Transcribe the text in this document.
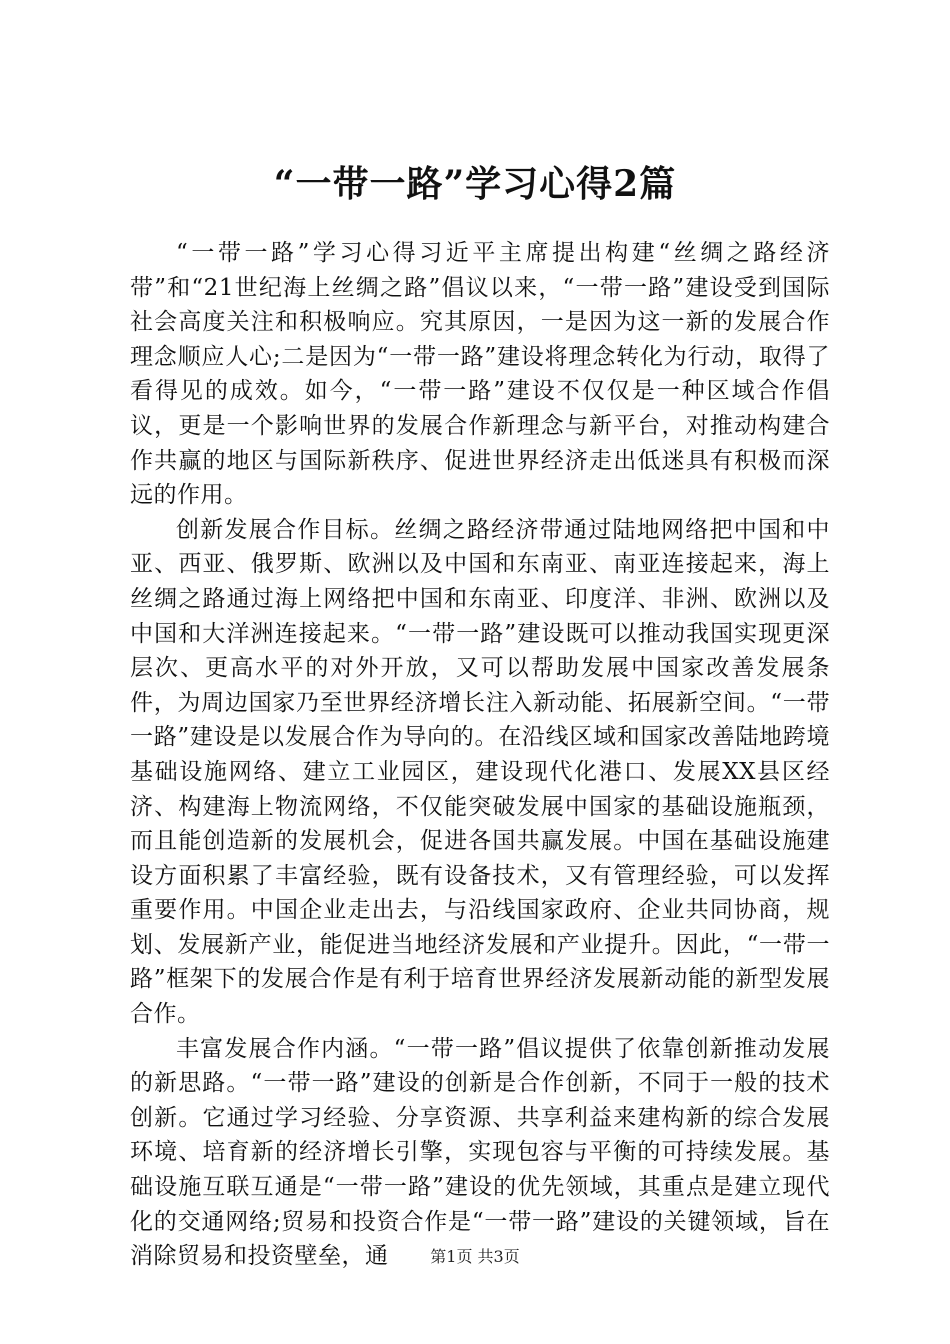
“一带一路”学习心得2篇

“一带一路”学习心得习近平主席提出构建“丝绸之路经济带”和“21世纪海上丝绸之路”倡议以来，“一带一路”建设受到国际社会高度关注和积极响应。究其原因，一是因为这一新的发展合作理念顺应人心;二是因为“一带一路”建设将理念转化为行动，取得了看得见的成效。如今，“一带一路”建设不仅仅是一种区域合作倡议，更是一个影响世界的发展合作新理念与新平台，对推动构建合作共赢的地区与国际新秩序、促进世界经济走出低迷具有积极而深远的作用。

创新发展合作目标。丝绸之路经济带通过陆地网络把中国和中亚、西亚、俄罗斯、欧洲以及中国和东南亚、南亚连接起来，海上丝绸之路通过海上网络把中国和东南亚、印度洋、非洲、欧洲以及中国和大洋洲连接起来。“一带一路”建设既可以推动我国实现更深层次、更高水平的对外开放，又可以帮助发展中国家改善发展条件，为周边国家乃至世界经济增长注入新动能、拓展新空间。“一带一路”建设是以发展合作为导向的。在沿线区域和国家改善陆地跨境基础设施网络、建立工业园区，建设现代化港口、发展XX县区经济、构建海上物流网络，不仅能突破发展中国家的基础设施瓶颈，而且能创造新的发展机会，促进各国共赢发展。中国在基础设施建设方面积累了丰富经验，既有设备技术，又有管理经验，可以发挥重要作用。中国企业走出去，与沿线国家政府、企业共同协商，规划、发展新产业，能促进当地经济发展和产业提升。因此，“一带一路”框架下的发展合作是有利于培育世界经济发展新动能的新型发展合作。

丰富发展合作内涵。“一带一路”倡议提供了依靠创新推动发展的新思路。“一带一路”建设的创新是合作创新，不同于一般的技术创新。它通过学习经验、分享资源、共享利益来建构新的综合发展环境、培育新的经济增长引擎，实现包容与平衡的可持续发展。基础设施互联互通是“一带一路”建设的优先领域，其重点是建立现代化的交通网络;贸易和投资合作是“一带一路”建设的关键领域，旨在消除贸易和投资壁垒，通	第1页 共3页
